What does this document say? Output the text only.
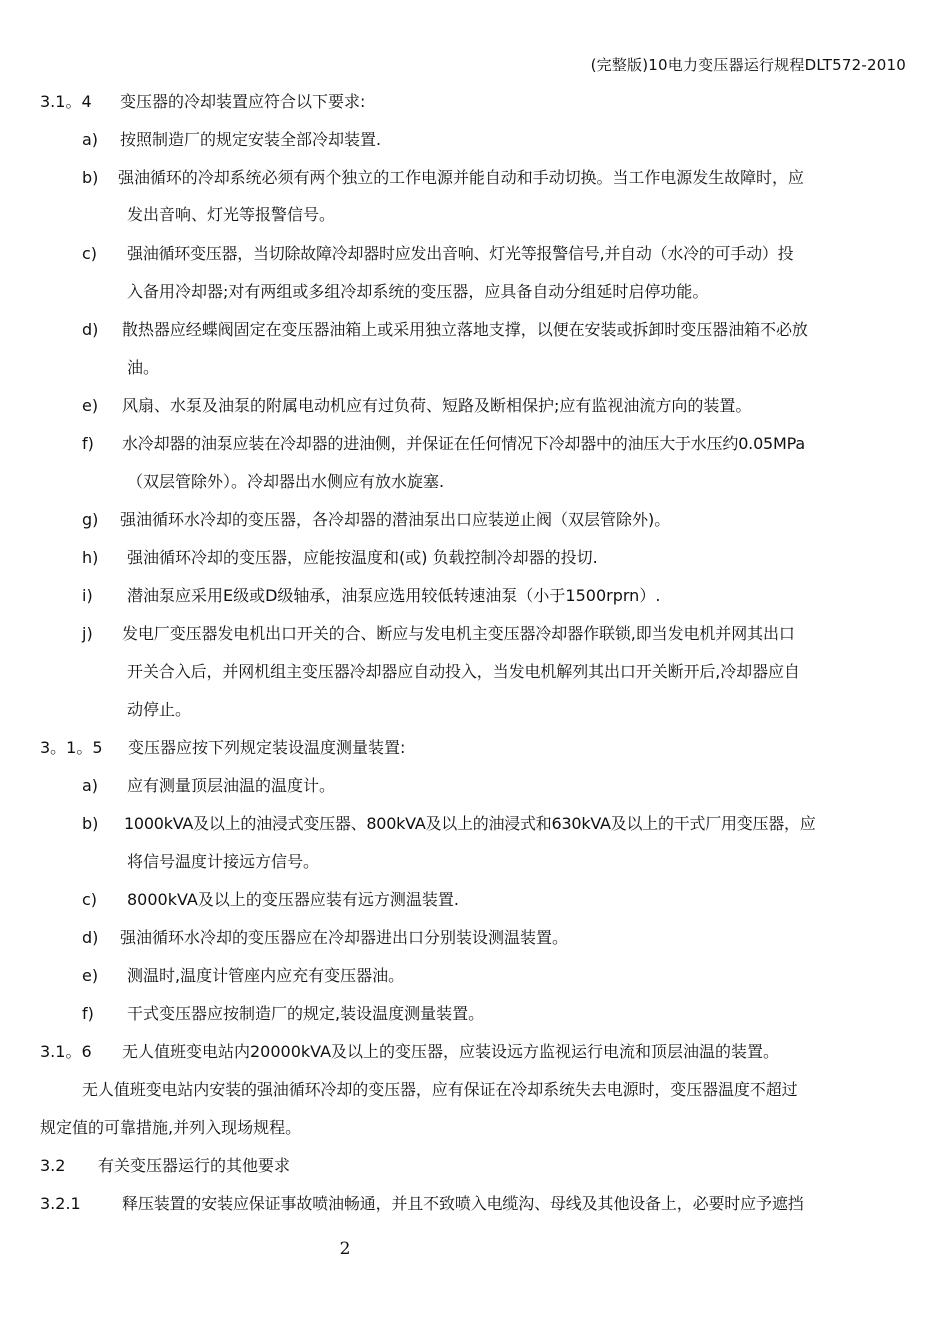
(完整版)10电力变压器运行规程DLT572-2010
3.1。4 变压器的冷却装置应符合以下要求:
a) 按照制造厂的规定安装全部冷却装置.
b) 强油循环的冷却系统必须有两个独立的工作电源并能自动和手动切换。当工作电源发生故障时，应
发出音响、灯光等报警信号。
c) 强油循环变压器，当切除故障冷却器时应发出音响、灯光等报警信号,并自动（水冷的可手动）投
入备用冷却器;对有两组或多组冷却系统的变压器，应具备自动分组延时启停功能。
d) 散热器应经蝶阀固定在变压器油箱上或采用独立落地支撑，以便在安装或拆卸时变压器油箱不必放
油。
e) 风扇、水泵及油泵的附属电动机应有过负荷、短路及断相保护;应有监视油流方向的装置。
f) 水冷却器的油泵应装在冷却器的进油侧，并保证在任何情况下冷却器中的油压大于水压约0.05MPa
（双层管除外）。冷却器出水侧应有放水旋塞.
g) 强油循环水冷却的变压器，各冷却器的潜油泵出口应装逆止阀（双层管除外)。
h) 强油循环冷却的变压器，应能按温度和(或) 负载控制冷却器的投切.
i) 潜油泵应采用E级或D级轴承，油泵应选用较低转速油泵（小于1500rprn）.
j) 发电厂变压器发电机出口开关的合、断应与发电机主变压器冷却器作联锁,即当发电机并网其出口
开关合入后，并网机组主变压器冷却器应自动投入，当发电机解列其出口开关断开后,冷却器应自
动停止。
3。1。5 变压器应按下列规定装设温度测量装置:
a) 应有测量顶层油温的温度计。
b) 1000kVA及以上的油浸式变压器、800kVA及以上的油浸式和630kVA及以上的干式厂用变压器，应
将信号温度计接远方信号。
c) 8000kVA及以上的变压器应装有远方测温装置.
d) 强油循环水冷却的变压器应在冷却器进出口分别装设测温装置。
e) 测温时,温度计管座内应充有变压器油。
f) 干式变压器应按制造厂的规定,装设温度测量装置。
3.1。6 无人值班变电站内20000kVA及以上的变压器，应装设远方监视运行电流和顶层油温的装置。
无人值班变电站内安装的强油循环冷却的变压器，应有保证在冷却系统失去电源时，变压器温度不超过
规定值的可靠措施,并列入现场规程。
3.2 有关变压器运行的其他要求
3.2.1	释压装置的安装应保证事故喷油畅通，并且不致喷入电缆沟、母线及其他设备上，必要时应予遮挡
2
